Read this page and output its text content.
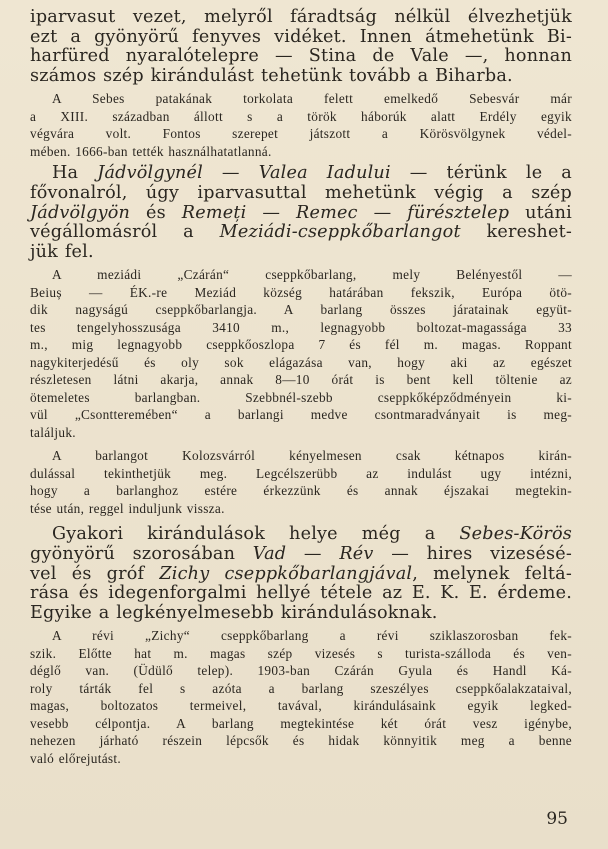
iparvasut vezet, melyről fáradtság nélkül élvezhetjük

ezt a gyönyörű fenyves vidéket. Innen átmehetünk Bi-

harfüred nyaralótelepre — Stina de Vale —, honnan

számos szép kirándulást tehetünk tovább a Biharba.

A Sebes patakának torkolata felett emelkedő Sebesvár már

a XIII. században állott s a török háborúk alatt Erdély egyik

végvára volt. Fontos szerepet játszott a Körösvölgynek védel-

mében. 1666-ban tették használhatatlanná.

Ha Jádvölgynél — Valea Iadului — térünk le a

fővonalról, úgy iparvasuttal mehetünk végig a szép

Jádvölgyön és Remeți — Remec — fürésztelep utáni

végállomásról a Meziádi-cseppkőbarlangot kereshet-

jük fel.

A meziádi „Czárán“ cseppkőbarlang, mely Belényestől —

Beiuș — ÉK.-re Meziád község határában fekszik, Európa ötö-

dik nagyságú cseppkőbarlangja. A barlang összes járatainak együt-

tes tengelyhosszusága 3410 m., legnagyobb boltozat-magassága 33

m., mig legnagyobb cseppkőoszlopa 7 és fél m. magas. Roppant

nagykiterjedésű és oly sok elágazása van, hogy aki az egészet

részletesen látni akarja, annak 8—10 órát is bent kell töltenie az

ötemeletes barlangban. Szebbnél-szebb cseppkőképződményein ki-

vül „Csontteremében“ a barlangi medve csontmaradványait is meg-

találjuk.

A barlangot Kolozsvárról kényelmesen csak kétnapos kirán-

dulással tekinthetjük meg. Legcélszerübb az indulást ugy intézni,

hogy a barlanghoz estére érkezzünk és annak éjszakai megtekin-

tése után, reggel induljunk vissza.

Gyakori kirándulások helye még a Sebes-Körös

gyönyörű szorosában Vad — Rév — hires vizesésé-

vel és gróf Zichy cseppkőbarlangjával, melynek feltá-

rása és idegenforgalmi hellyé tétele az E. K. E. érdeme.

Egyike a legkényelmesebb kirándulásoknak.

A révi „Zichy“ cseppkőbarlang a révi sziklaszorosban fek-

szik. Előtte hat m. magas szép vizesés s turista-szálloda és ven-

déglő van. (Üdülő telep). 1903-ban Czárán Gyula és Handl Ká-

roly tárták fel s azóta a barlang szeszélyes cseppkőalakzataival,

magas, boltozatos termeivel, tavával, kirándulásaink egyik legked-

vesebb célpontja. A barlang megtekintése két órát vesz igénybe,

nehezen járható részein lépcsők és hidak könnyitik meg a benne

való előrejutást.

95
